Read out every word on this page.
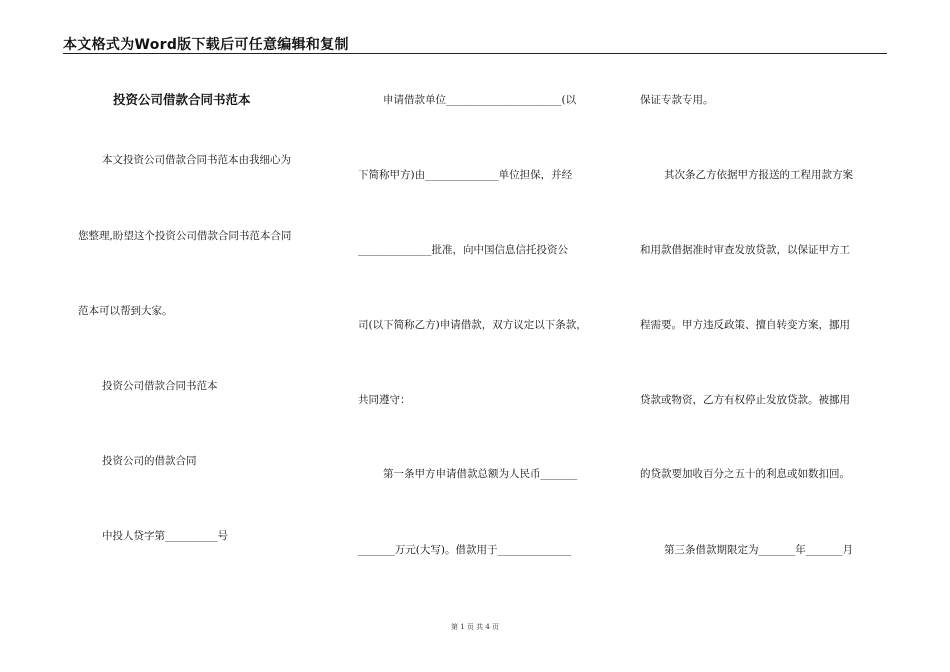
本文格式为Word版下载后可任意编辑和复制
投资公司借款合同书范本
本文投资公司借款合同书范本由我细心为
您整理,盼望这个投资公司借款合同书范本合同
范本可以帮到大家。
投资公司借款合同书范本
投资公司的借款合同
中投人贷字第__________号
申请借款单位______________________(以
下简称甲方)由______________单位担保，并经
______________批准，向中国信息信托投资公
司(以下简称乙方)申请借款，双方议定以下条款，
共同遵守：
第一条甲方申请借款总额为人民币_______
_______万元(大写)。借款用于______________
保证专款专用。
其次条乙方依据甲方报送的工程用款方案
和用款借据准时审查发放贷款，以保证甲方工
程需要。甲方违反政策、擅自转变方案，挪用
贷款或物资，乙方有权停止发放贷款。被挪用
的贷款要加收百分之五十的利息或如数扣回。
第三条借款期限定为_______年_______月
第 1 页 共 4 页
